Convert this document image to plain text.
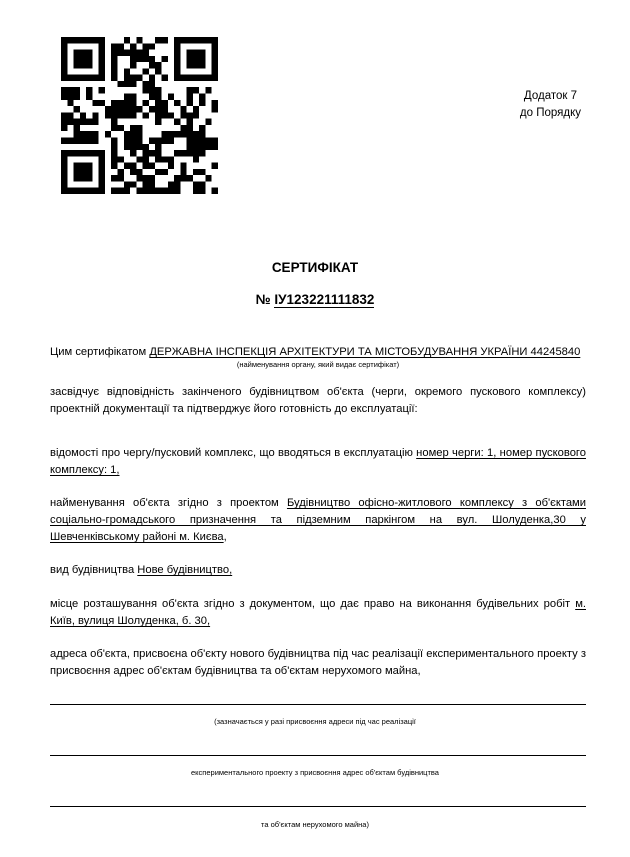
Додаток 7
до Порядку
СЕРТИФІКАТ
№ ІУ123221111832
Цим сертифікатом ДЕРЖАВНА ІНСПЕКЦІЯ АРХІТЕКТУРИ ТА МІСТОБУДУВАННЯ УКРАЇНИ 44245840
(найменування органу, який видає сертифікат)
засвідчує відповідність закінченого будівництвом об'єкта (черги, окремого пускового комплексу) проектній документації та підтверджує його готовність до експлуатації:
відомості про чергу/пусковий комплекс, що вводяться в експлуатацію номер черги: 1, номер пускового комплексу: 1,
найменування об'єкта згідно з проектом Будівництво офісно-житлового комплексу з об'єктами соціально-громадського призначення та підземним паркінгом на вул. Шолуденка,30 у Шевченківському районі м. Києва,
вид будівництва Нове будівництво,
місце розташування об'єкта згідно з документом, що дає право на виконання будівельних робіт м. Київ, вулиця Шолуденка, б. 30,
адреса об'єкта, присвоєна об'єкту нового будівництва під час реалізації експериментального проекту з присвоєння адрес об'єктам будівництва та об'єктам нерухомого майна,
(зазначається у разі присвоєння адреси під час реалізації
експериментального проекту з присвоєння адрес об'єктам будівництва
та об'єктам нерухомого майна)
